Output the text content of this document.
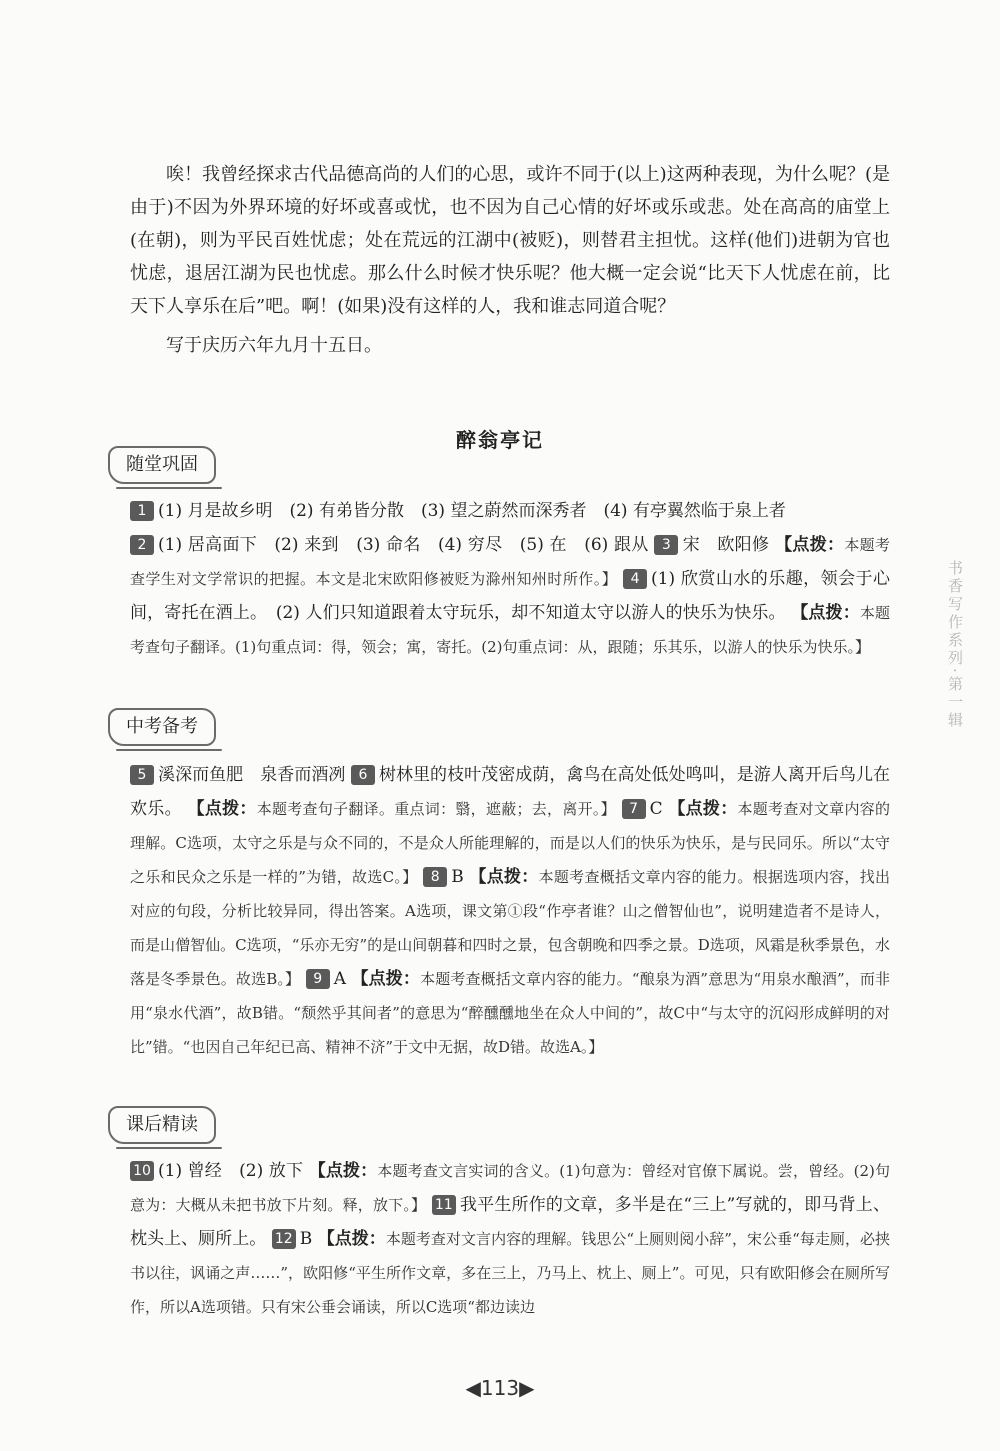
唉！我曾经探求古代品德高尚的人们的心思，或许不同于(以上)这两种表现，为什么呢？(是由于)不因为外界环境的好坏或喜或忧，也不因为自己心情的好坏或乐或悲。处在高高的庙堂上(在朝)，则为平民百姓忧虑；处在荒远的江湖中(被贬)，则替君主担忧。这样(他们)进朝为官也忧虑，退居江湖为民也忧虑。那么什么时候才快乐呢？他大概一定会说“比天下人忧虑在前，比天下人享乐在后”吧。啊！(如果)没有这样的人，我和谁志同道合呢？

写于庆历六年九月十五日。

醉翁亭记
随堂巩固
1 (1) 月是故乡明　(2) 有弟皆分散　(3) 望之蔚然而深秀者　(4) 有亭翼然临于泉上者
2 (1) 居高面下　(2) 来到　(3) 命名　(4) 穷尽　(5) 在　(6) 跟从 3 宋　欧阳修 【点拨：本题考查学生对文学常识的把握。本文是北宋欧阳修被贬为滁州知州时所作。】 4 (1) 欣赏山水的乐趣，领会于心间，寄托在酒上。　(2) 人们只知道跟着太守玩乐，却不知道太守以游人的快乐为快乐。 【点拨：本题考查句子翻译。(1)句重点词：得，领会；寓，寄托。(2)句重点词：从，跟随；乐其乐，以游人的快乐为快乐。】
中考备考
5 溪深而鱼肥　泉香而酒冽 6 树林里的枝叶茂密成荫，禽鸟在高处低处鸣叫，是游人离开后鸟儿在欢乐。 【点拨：本题考查句子翻译。重点词：翳，遮蔽；去，离开。】 7 C 【点拨：本题考查对文章内容的理解。C选项，太守之乐是与众不同的，不是众人所能理解的，而是以人们的快乐为快乐，是与民同乐。所以“太守之乐和民众之乐是一样的”为错，故选C。】 8 B 【点拨：本题考查概括文章内容的能力。根据选项内容，找出对应的句段，分析比较异同，得出答案。A选项，课文第①段“作亭者谁？山之僧智仙也”，说明建造者不是诗人，而是山僧智仙。C选项，“乐亦无穷”的是山间朝暮和四时之景，包含朝晚和四季之景。D选项，风霜是秋季景色，水落是冬季景色。故选B。】 9 A 【点拨：本题考查概括文章内容的能力。“酿泉为酒”意思为“用泉水酿酒”，而非用“泉水代酒”，故B错。“颓然乎其间者”的意思为“醉醺醺地坐在众人中间的”，故C中“与太守的沉闷形成鲜明的对比”错。“也因自己年纪已高、精神不济”于文中无据，故D错。故选A。】
课后精读
10 (1) 曾经　(2) 放下 【点拨：本题考查文言实词的含义。(1)句意为：曾经对官僚下属说。尝，曾经。(2)句意为：大概从未把书放下片刻。释，放下。】 11 我平生所作的文章，多半是在“三上”写就的，即马背上、枕头上、厕所上。 12 B 【点拨：本题考查对文言内容的理解。钱思公“上厕则阅小辞”，宋公垂“每走厕，必挟书以往，讽诵之声……”，欧阳修“平生所作文章，多在三上，乃马上、枕上、厕上”。可见，只有欧阳修会在厕所写作，所以A选项错。只有宋公垂会诵读，所以C选项“都边读边
书香写作系列·第一辑
◀113▶
